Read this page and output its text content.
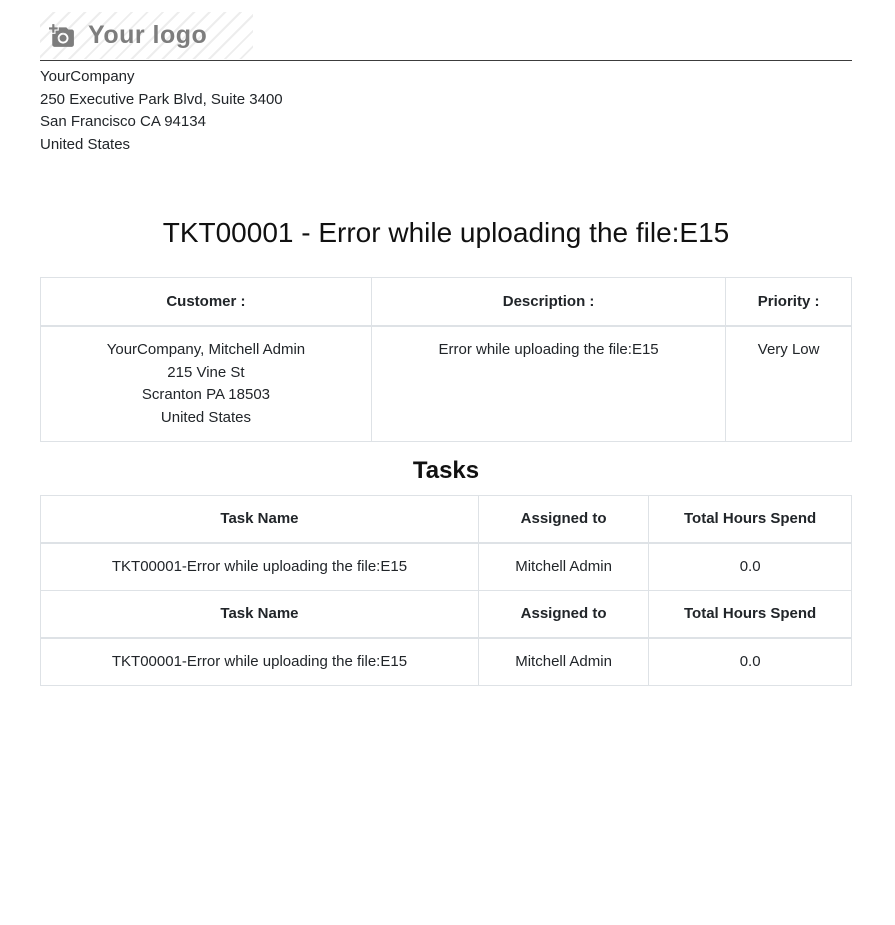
Your logo
YourCompany
250 Executive Park Blvd, Suite 3400
San Francisco CA 94134
United States
TKT00001 - Error while uploading the file:E15
Customer :	Description :	Priority :

YourCompany, Mitchell Admin
215 Vine St
Scranton PA 18503
United States	Error while uploading the file:E15	Very Low
Tasks
Task Name	Assigned to	Total Hours Spend
TKT00001-Error while uploading the file:E15	Mitchell Admin	0.0
Task Name	Assigned to	Total Hours Spend
TKT00001-Error while uploading the file:E15	Mitchell Admin	0.0
